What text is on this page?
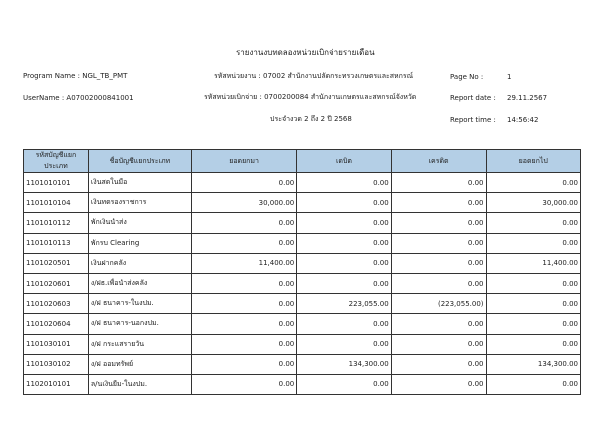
รายงานงบทดลองหน่วยเบิกจ่ายรายเดือน
Program Name : NGL_TB_PMT	รหัสหน่วยงาน : 07002 สำนักงานปลัดกระทรวงเกษตรและสหกรณ์	Page No :	1
UserName : A07002000841001	รหัสหน่วยเบิกจ่าย : 0700200084 สำนักงานเกษตรและสหกรณ์จังหวัด	Report date : 29.11.2567
ประจำงวด 2 ถึง 2 ปี 2568	Report time : 14:56:42
รหัสบัญชีแยกประเภท	ชื่อบัญชีแยกประเภท	ยอดยกมา	เดบิต	เครดิต	ยอดยกไป
1101010101	เงินสดในมือ	0.00	0.00	0.00	0.00
1101010104	เงินทดรองราชการ	30,000.00	0.00	0.00	30,000.00
1101010112	พักเงินนำส่ง	0.00	0.00	0.00	0.00
1101010113	พักรบ Clearing	0.00	0.00	0.00	0.00
1101020501	เงินฝากคลัง	11,400.00	0.00	0.00	11,400.00
1101020601	ง/ฝธ.เพื่อนำส่งคลัง	0.00	0.00	0.00	0.00
1101020603	ง/ฝ ธนาคาร-ในงปม.	0.00	223,055.00	(223,055.00)	0.00
1101020604	ง/ฝ ธนาคาร-นอกงปม.	0.00	0.00	0.00	0.00
1101030101	ง/ฝ กระแสรายวัน	0.00	0.00	0.00	0.00
1101030102	ง/ฝ ออมทรัพย์	0.00	134,300.00	0.00	134,300.00
1102010101	ล/นเงินยืม-ในงปม.	0.00	0.00	0.00	0.00
